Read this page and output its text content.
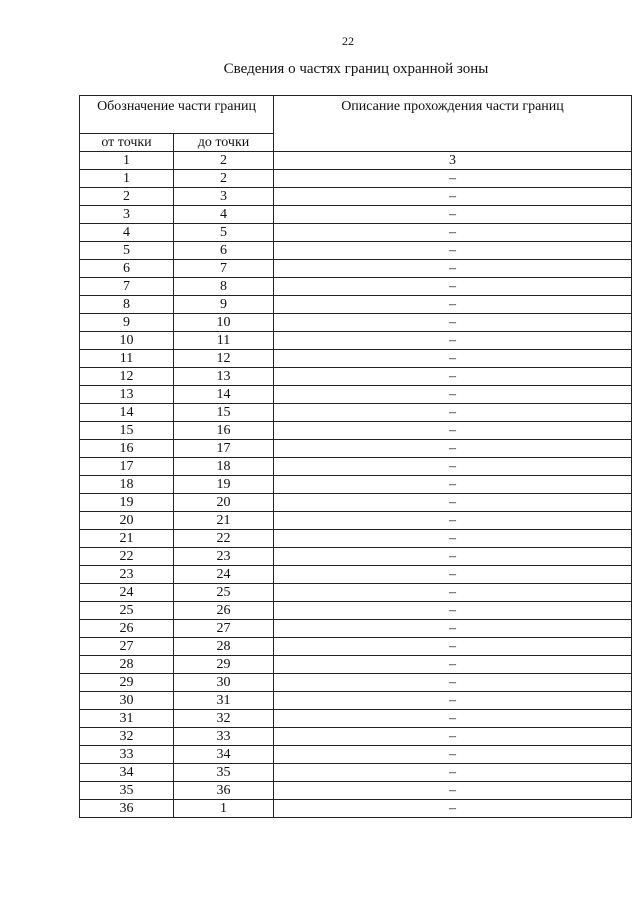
22
Сведения о частях границ охранной зоны
Обозначение части границ		Описание прохождения части границ
от точки	до точки	
1	2	3
1	2	–
2	3	–
3	4	–
4	5	–
5	6	–
6	7	–
7	8	–
8	9	–
9	10	–
10	11	–
11	12	–
12	13	–
13	14	–
14	15	–
15	16	–
16	17	–
17	18	–
18	19	–
19	20	–
20	21	–
21	22	–
22	23	–
23	24	–
24	25	–
25	26	–
26	27	–
27	28	–
28	29	–
29	30	–
30	31	–
31	32	–
32	33	–
33	34	–
34	35	–
35	36	–
36	1	–
